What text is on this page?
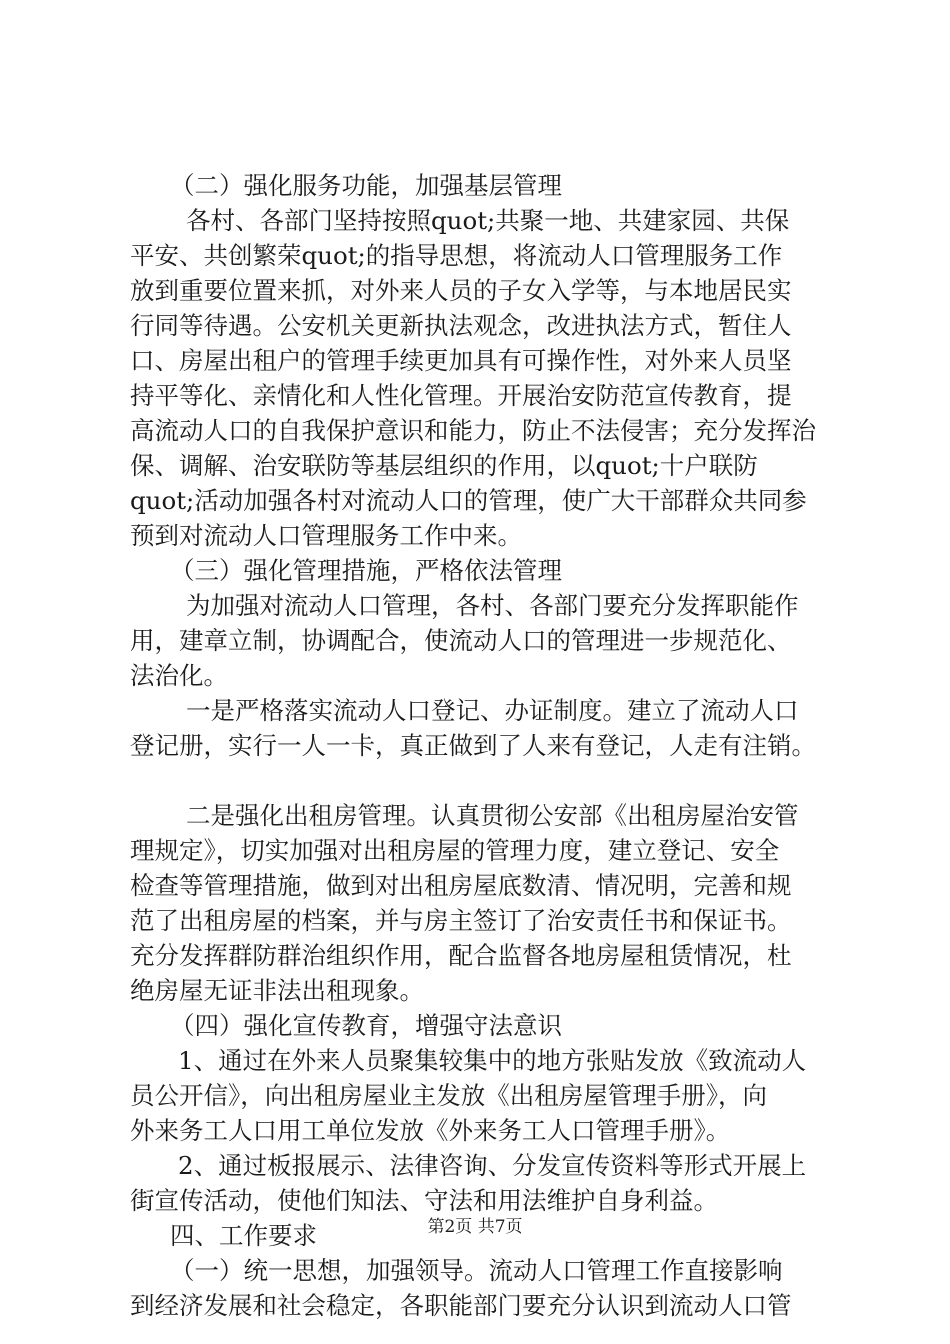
（二）强化服务功能，加强基层管理
各村、各部门坚持按照quot;共聚一地、共建家园、共保
平安、共创繁荣quot;的指导思想，将流动人口管理服务工作
放到重要位置来抓，对外来人员的子女入学等，与本地居民实
行同等待遇。公安机关更新执法观念，改进执法方式，暂住人
口、房屋出租户的管理手续更加具有可操作性，对外来人员坚
持平等化、亲情化和人性化管理。开展治安防范宣传教育，提
高流动人口的自我保护意识和能力，防止不法侵害；充分发挥治
保、调解、治安联防等基层组织的作用，以quot;十户联防
quot;活动加强各村对流动人口的管理，使广大干部群众共同参
预到对流动人口管理服务工作中来。
（三）强化管理措施，严格依法管理
为加强对流动人口管理，各村、各部门要充分发挥职能作
用，建章立制，协调配合，使流动人口的管理进一步规范化、
法治化。
一是严格落实流动人口登记、办证制度。建立了流动人口
登记册，实行一人一卡，真正做到了人来有登记，人走有注销。
二是强化出租房管理。认真贯彻公安部《出租房屋治安管
理规定》，切实加强对出租房屋的管理力度，建立登记、安全
检查等管理措施，做到对出租房屋底数清、情况明，完善和规
范了出租房屋的档案，并与房主签订了治安责任书和保证书。
充分发挥群防群治组织作用，配合监督各地房屋租赁情况，杜
绝房屋无证非法出租现象。
（四）强化宣传教育，增强守法意识
1、通过在外来人员聚集较集中的地方张贴发放《致流动人
员公开信》，向出租房屋业主发放《出租房屋管理手册》，向
外来务工人口用工单位发放《外来务工人口管理手册》。
2、通过板报展示、法律咨询、分发宣传资料等形式开展上
街宣传活动，使他们知法、守法和用法维护自身利益。
四、工作要求
（一）统一思想，加强领导。流动人口管理工作直接影响
到经济发展和社会稳定，各职能部门要充分认识到流动人口管
第2页 共7页
